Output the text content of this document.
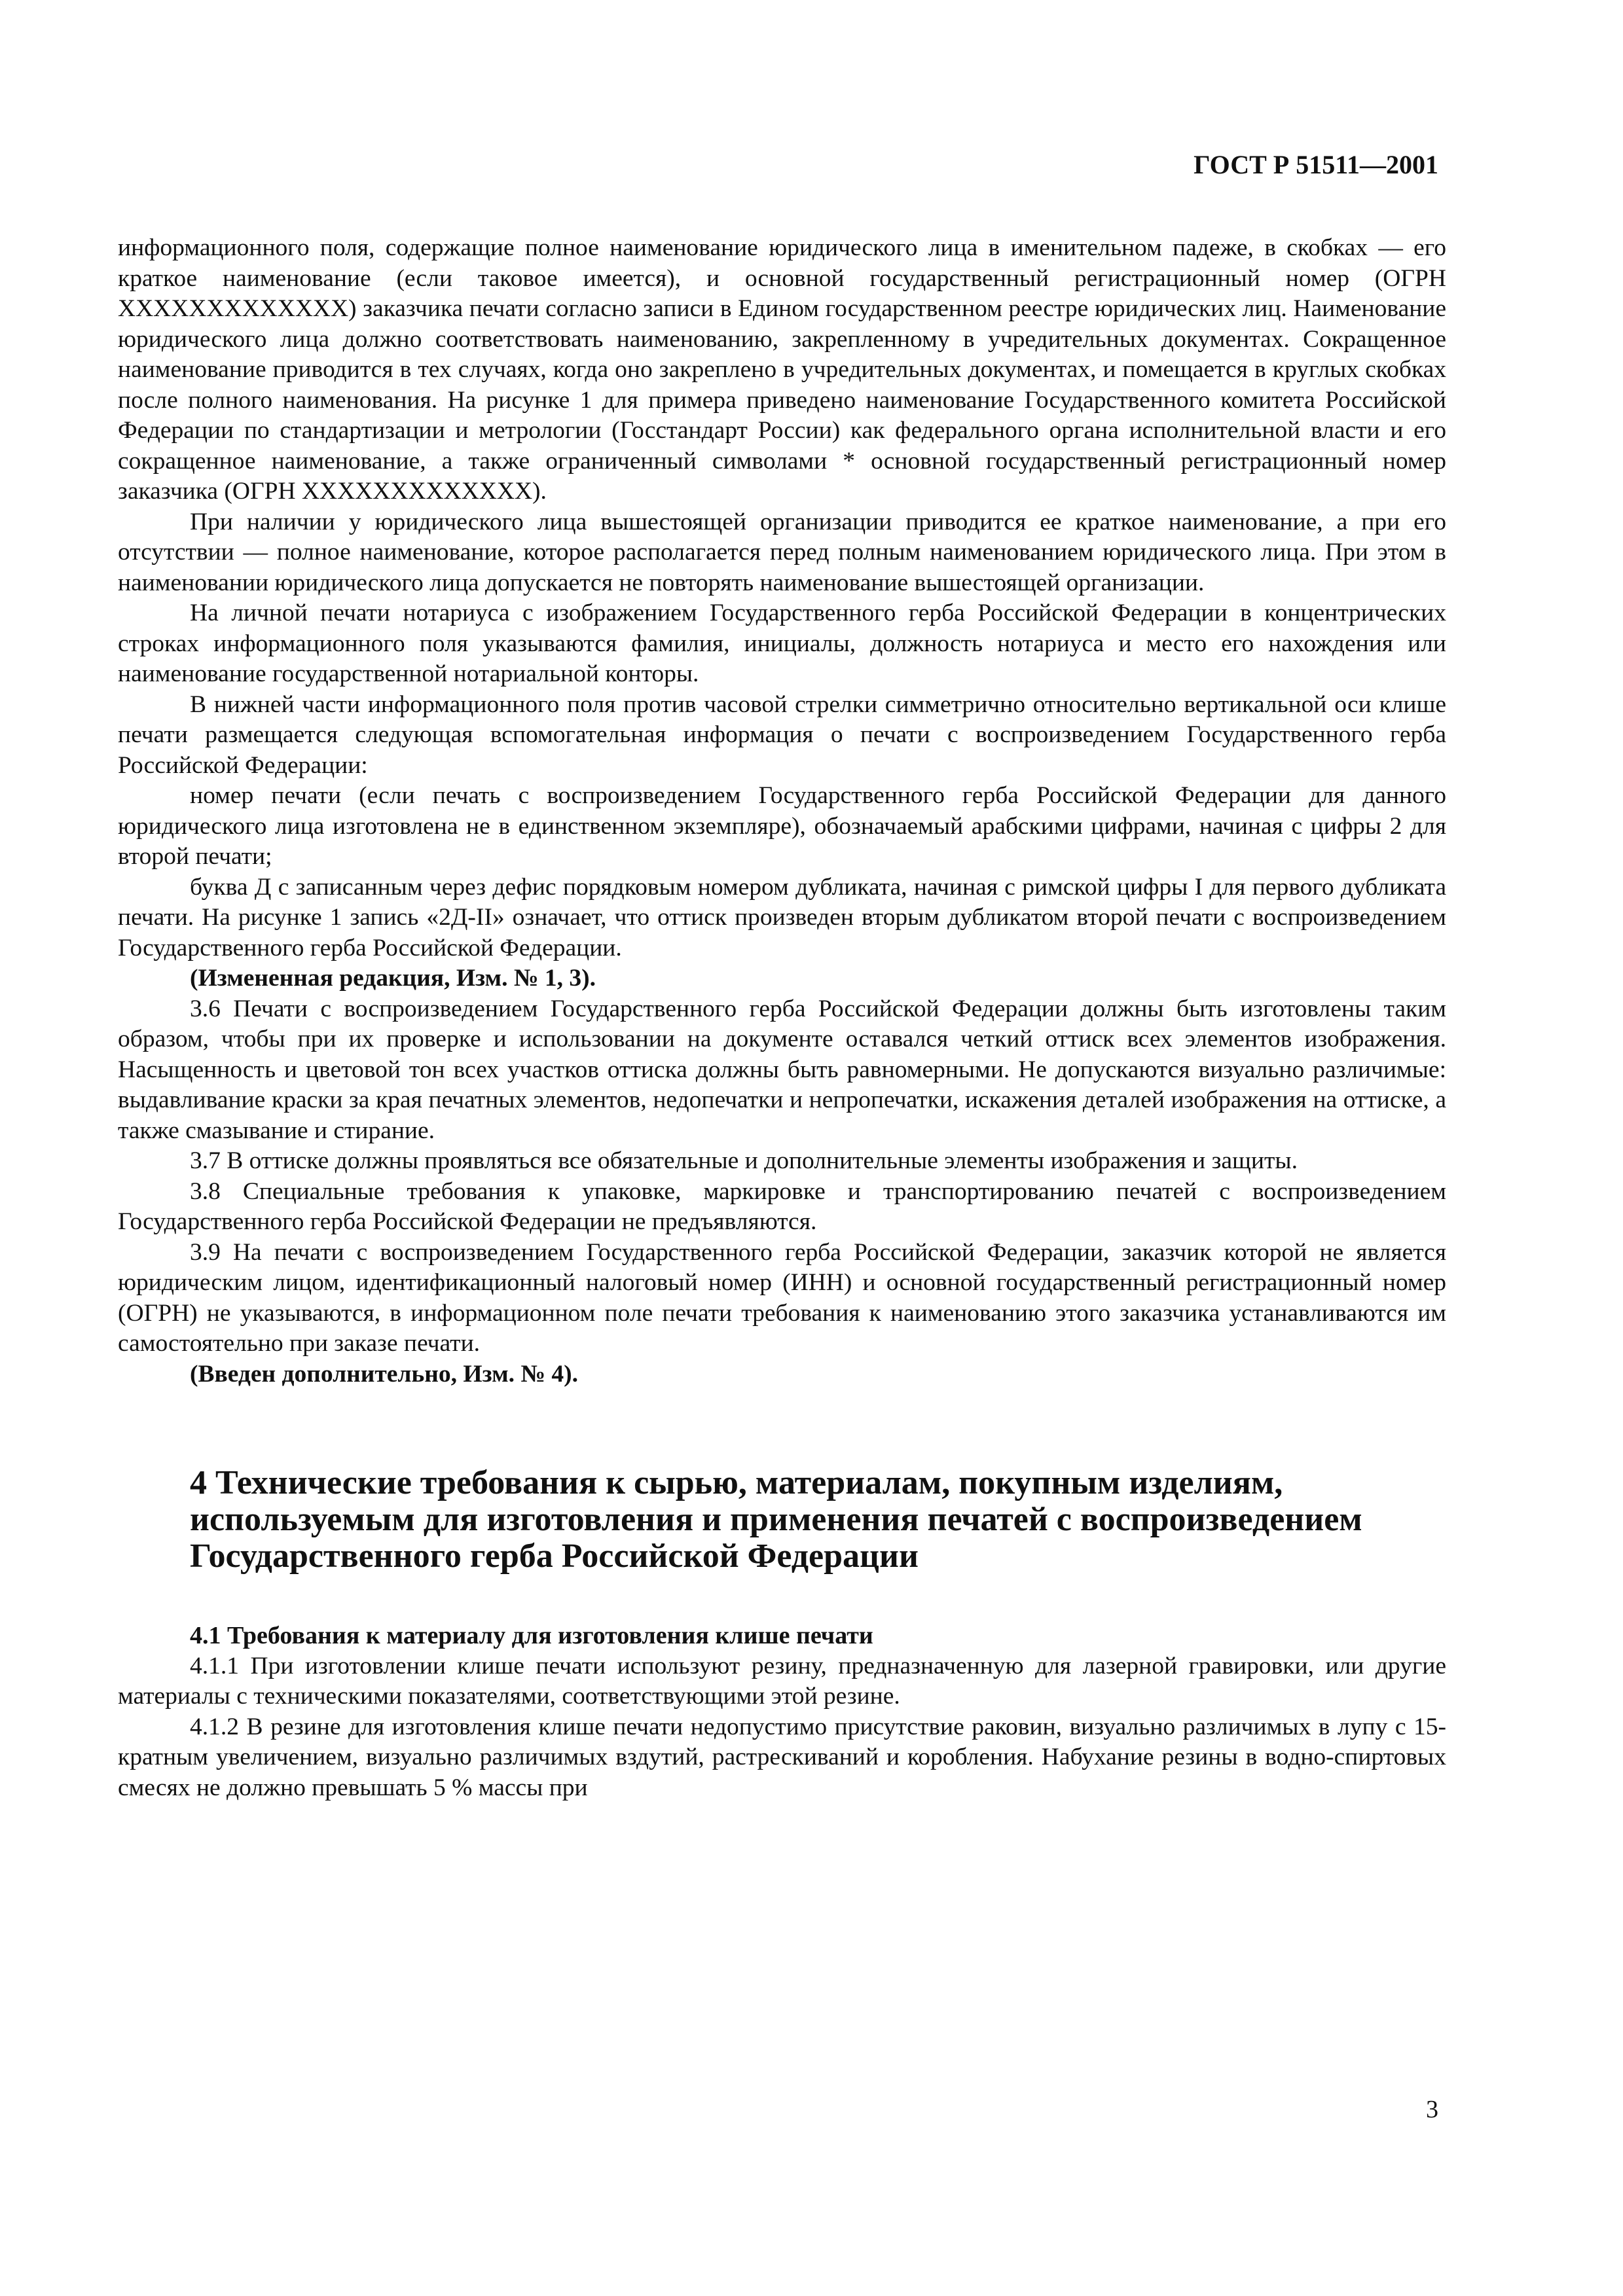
ГОСТ Р 51511—2001

информационного поля, содержащие полное наименование юридического лица в именительном падеже, в скобках — его краткое наименование (если таковое имеется), и основной государственный регистрационный номер (ОГРН XXXXXXXXXXXXX) заказчика печати согласно записи в Едином государственном реестре юридических лиц. Наименование юридического лица должно соответствовать наименованию, закрепленному в учредительных документах. Сокращенное наименование приводится в тех случаях, когда оно закреплено в учредительных документах, и помещается в круглых скобках после полного наименования. На рисунке 1 для примера приведено наименование Государственного комитета Российской Федерации по стандартизации и метрологии (Госстандарт России) как федерального органа исполнительной власти и его сокращенное наименование, а также ограниченный символами * основной государственный регистрационный номер заказчика (ОГРН XXXXXXXXXXXXX).

При наличии у юридического лица вышестоящей организации приводится ее краткое наименование, а при его отсутствии — полное наименование, которое располагается перед полным наименованием юридического лица. При этом в наименовании юридического лица допускается не повторять наименование вышестоящей организации.

На личной печати нотариуса с изображением Государственного герба Российской Федерации в концентрических строках информационного поля указываются фамилия, инициалы, должность нотариуса и место его нахождения или наименование государственной нотариальной конторы.

В нижней части информационного поля против часовой стрелки симметрично относительно вертикальной оси клише печати размещается следующая вспомогательная информация о печати с воспроизведением Государственного герба Российской Федерации:

номер печати (если печать с воспроизведением Государственного герба Российской Федерации для данного юридического лица изготовлена не в единственном экземпляре), обозначаемый арабскими цифрами, начиная с цифры 2 для второй печати;

буква Д с записанным через дефис порядковым номером дубликата, начиная с римской цифры I для первого дубликата печати. На рисунке 1 запись «2Д-II» означает, что оттиск произведен вторым дубликатом второй печати с воспроизведением Государственного герба Российской Федерации.

(Измененная редакция, Изм. № 1, 3).

3.6 Печати с воспроизведением Государственного герба Российской Федерации должны быть изготовлены таким образом, чтобы при их проверке и использовании на документе оставался четкий оттиск всех элементов изображения. Насыщенность и цветовой тон всех участков оттиска должны быть равномерными. Не допускаются визуально различимые: выдавливание краски за края печатных элементов, недопечатки и непропечатки, искажения деталей изображения на оттиске, а также смазывание и стирание.

3.7 В оттиске должны проявляться все обязательные и дополнительные элементы изображения и защиты.

3.8 Специальные требования к упаковке, маркировке и транспортированию печатей с воспроизведением Государственного герба Российской Федерации не предъявляются.

3.9 На печати с воспроизведением Государственного герба Российской Федерации, заказчик которой не является юридическим лицом, идентификационный налоговый номер (ИНН) и основной государственный регистрационный номер (ОГРН) не указываются, в информационном поле печати требования к наименованию этого заказчика устанавливаются им самостоятельно при заказе печати.

(Введен дополнительно, Изм. № 4).

4 Технические требования к сырью, материалам, покупным изделиям, используемым для изготовления и применения печатей с воспроизведением Государственного герба Российской Федерации
4.1 Требования к материалу для изготовления клише печати

4.1.1 При изготовлении клише печати используют резину, предназначенную для лазерной гравировки, или другие материалы с техническими показателями, соответствующими этой резине.

4.1.2 В резине для изготовления клише печати недопустимо присутствие раковин, визуально различимых в лупу с 15-кратным увеличением, визуально различимых вздутий, растрескиваний и коробления. Набухание резины в водно-спиртовых смесях не должно превышать 5 % массы при

3
